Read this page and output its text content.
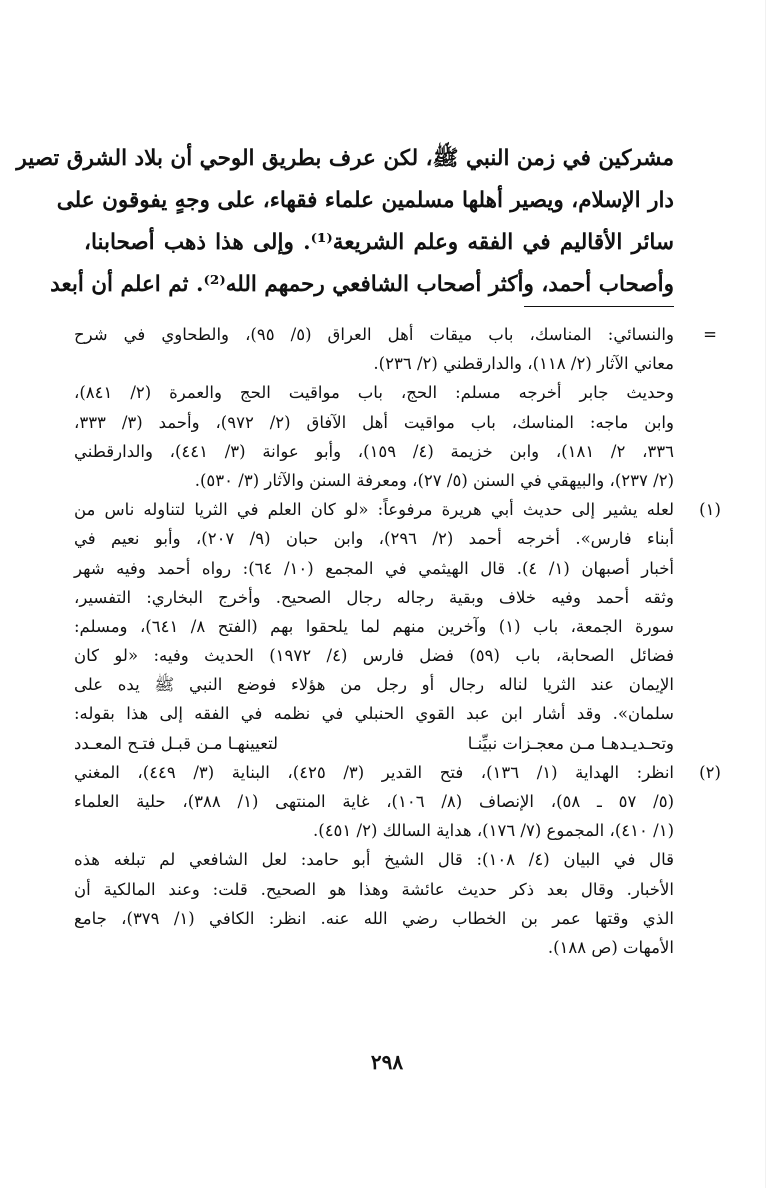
مشركين في زمن النبي ﷺ، لكن عرف بطريق الوحي أن بلاد الشرق تصير
دار الإسلام، ويصير أهلها مسلمين علماء فقهاء، على وجهٍ يفوقون على
سائر الأقاليم في الفقه وعلم الشريعة⁽¹⁾. وإلى هذا ذهب أصحابنا،
وأصحاب أحمد، وأكثر أصحاب الشافعي رحمهم الله⁽²⁾. ثم اعلم أن أبعد
=
والنسائي: المناسك، باب ميقات أهل العراق (٥/ ٩٥)، والطحاوي في شرح
معاني الآثار (٢/ ١١٨)، والدارقطني (٢/ ٢٣٦).
وحديث جابر أخرجه مسلم: الحج، باب مواقيت الحج والعمرة (٢/ ٨٤١)،
وابن ماجه: المناسك، باب مواقيت أهل الآفاق (٢/ ٩٧٢)، وأحمد (٣/ ٣٣٣،
٣٣٦، ٢/ ١٨١)، وابن خزيمة (٤/ ١٥٩)، وأبو عوانة (٣/ ٤٤١)، والدارقطني
(٢/ ٢٣٧)، والبيهقي في السنن (٥/ ٢٧)، ومعرفة السنن والآثار (٣/ ٥٣٠).
(١)
لعله يشير إلى حديث أبي هريرة مرفوعاً: «لو كان العلم في الثريا لتناوله ناس من
أبناء فارس». أخرجه أحمد (٢/ ٢٩٦)، وابن حبان (٩/ ٢٠٧)، وأبو نعيم في
أخبار أصبهان (١/ ٤). قال الهيثمي في المجمع (١٠/ ٦٤): رواه أحمد وفيه شهر
وثقه أحمد وفيه خلاف وبقية رجاله رجال الصحيح. وأخرج البخاري: التفسير،
سورة الجمعة، باب (١) وآخرين منهم لما يلحقوا بهم (الفتح ٨/ ٦٤١)، ومسلم:
فضائل الصحابة، باب (٥٩) فضل فارس (٤/ ١٩٧٢) الحديث وفيه: «لو كان
الإيمان عند الثريا لناله رجال أو رجل من هؤلاء فوضع النبي ﷺ يده على
سلمان». وقد أشار ابن عبد القوي الحنبلي في نظمه في الفقه إلى هذا بقوله:
وتحـديـدهـا مـن معجـزات نبيِّنـا
لتعيينهـا مـن قبـل فتـح المعـدد
(٢)
انظر: الهداية (١/ ١٣٦)، فتح القدير (٣/ ٤٢٥)، البناية (٣/ ٤٤٩)، المغني
(٥/ ٥٧ ـ ٥٨)، الإنصاف (٨/ ١٠٦)، غاية المنتهى (١/ ٣٨٨)، حلية العلماء
(١/ ٤١٠)، المجموع (٧/ ١٧٦)، هداية السالك (٢/ ٤٥١).
قال في البيان (٤/ ١٠٨): قال الشيخ أبو حامد: لعل الشافعي لم تبلغه هذه
الأخبار. وقال بعد ذكر حديث عائشة وهذا هو الصحيح. قلت: وعند المالكية أن
الذي وقتها عمر بن الخطاب رضي الله عنه. انظر: الكافي (١/ ٣٧٩)، جامع
الأمهات (ص ١٨٨).
٢٩٨
